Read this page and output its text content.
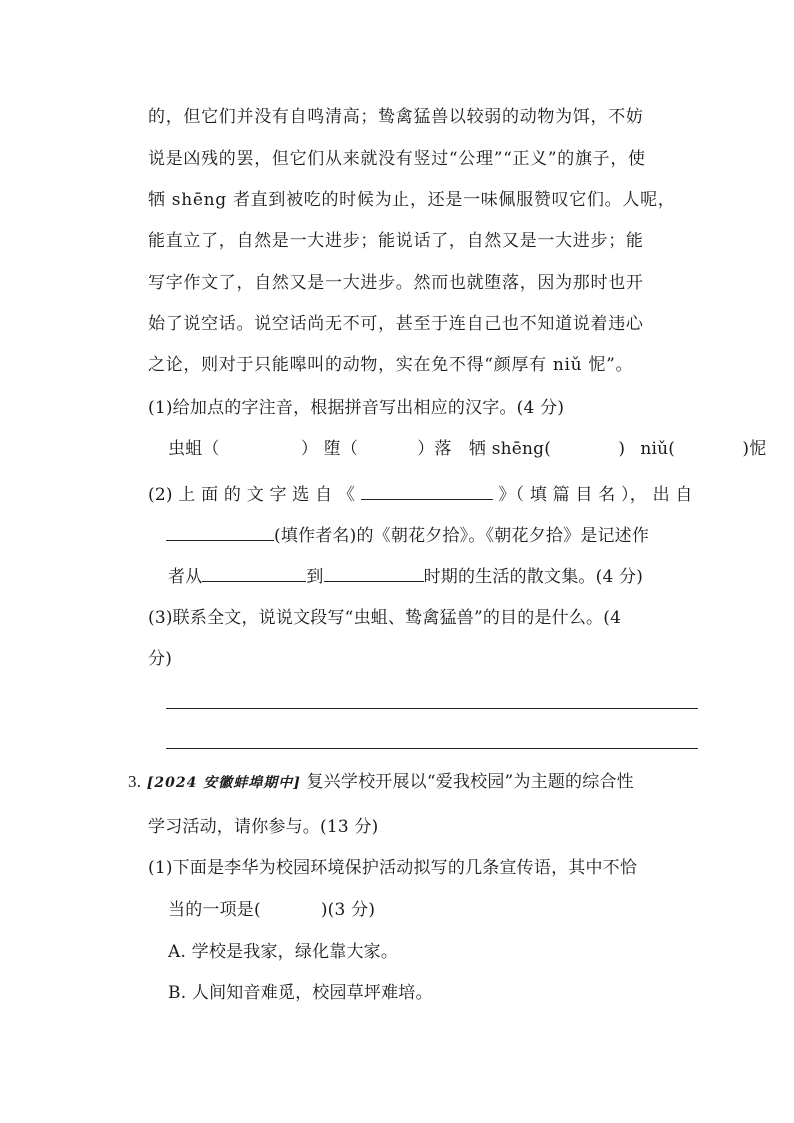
的，但它们并没有自鸣清高；鸷禽猛兽以较弱的动物为饵，不妨
说是凶残的罢，但它们从来就没有竖过“公理”“正义”的旗子，使
牺 shēng 者直到被吃的时候为止，还是一味佩服赞叹它们。人呢，
能直立了，自然是一大进步；能说话了，自然又是一大进步；能
写字作文了，自然又是一大进步。然而也就堕落，因为那时也开
始了说空话。说空话尚无不可，甚至于连自己也不知道说着违心
之论，则对于只能嗥叫的动物，实在免不得“颜厚有 niǔ 怩”。
(1)给加点的字注音，根据拼音写出相应的汉字。(4 分)
虫蛆（	） 堕（	）落 牺 shēng(	) niǔ(	)怩
(2) 上 面 的 文 字 选 自 《	》（ 填 篇 目 名 ）， 出 自
(填作者名)的《朝花夕拾》。《朝花夕拾》是记述作
者从	到	时期的生活的散文集。(4 分)
(3)联系全文，说说文段写“虫蛆、鸷禽猛兽”的目的是什么。(4
分)
3. [2024 安徽蚌埠期中] 复兴学校开展以“爱我校园”为主题的综合性
学习活动，请你参与。(13 分)
(1)下面是李华为校园环境保护活动拟写的几条宣传语，其中不恰
当的一项是(	)(3 分)
A. 学校是我家，绿化靠大家。
B. 人间知音难觅，校园草坪难培。
